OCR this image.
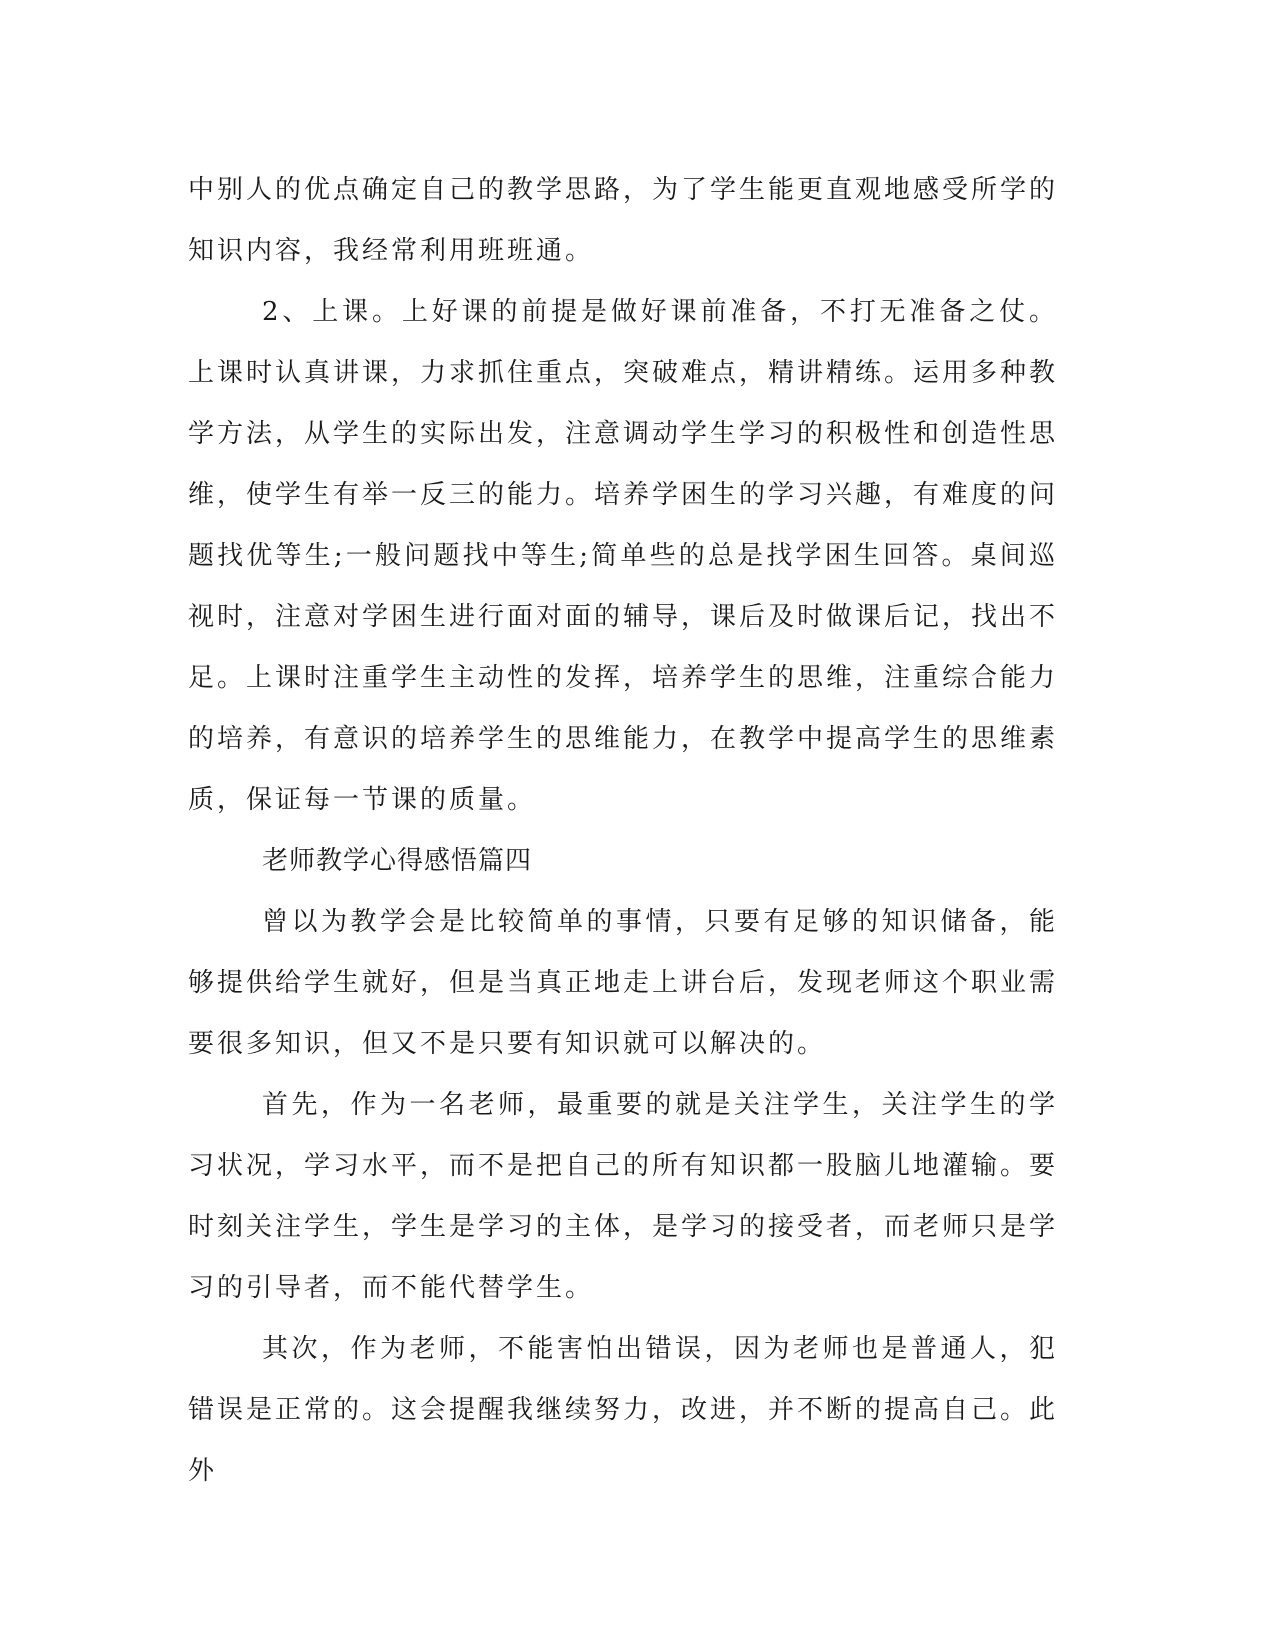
中别人的优点确定自己的教学思路，为了学生能更直观地感受所学的知识内容，我经常利用班班通。

2、上课。上好课的前提是做好课前准备，不打无准备之仗。上课时认真讲课，力求抓住重点，突破难点，精讲精练。运用多种教学方法，从学生的实际出发，注意调动学生学习的积极性和创造性思维，使学生有举一反三的能力。培养学困生的学习兴趣，有难度的问题找优等生;一般问题找中等生;简单些的总是找学困生回答。桌间巡视时，注意对学困生进行面对面的辅导，课后及时做课后记，找出不足。上课时注重学生主动性的发挥，培养学生的思维，注重综合能力的培养，有意识的培养学生的思维能力，在教学中提高学生的思维素质，保证每一节课的质量。

老师教学心得感悟篇四

曾以为教学会是比较简单的事情，只要有足够的知识储备，能够提供给学生就好，但是当真正地走上讲台后，发现老师这个职业需要很多知识，但又不是只要有知识就可以解决的。

首先，作为一名老师，最重要的就是关注学生，关注学生的学习状况，学习水平，而不是把自己的所有知识都一股脑儿地灌输。要时刻关注学生，学生是学习的主体，是学习的接受者，而老师只是学习的引导者，而不能代替学生。

其次，作为老师，不能害怕出错误，因为老师也是普通人，犯错误是正常的。这会提醒我继续努力，改进，并不断的提高自己。此外
